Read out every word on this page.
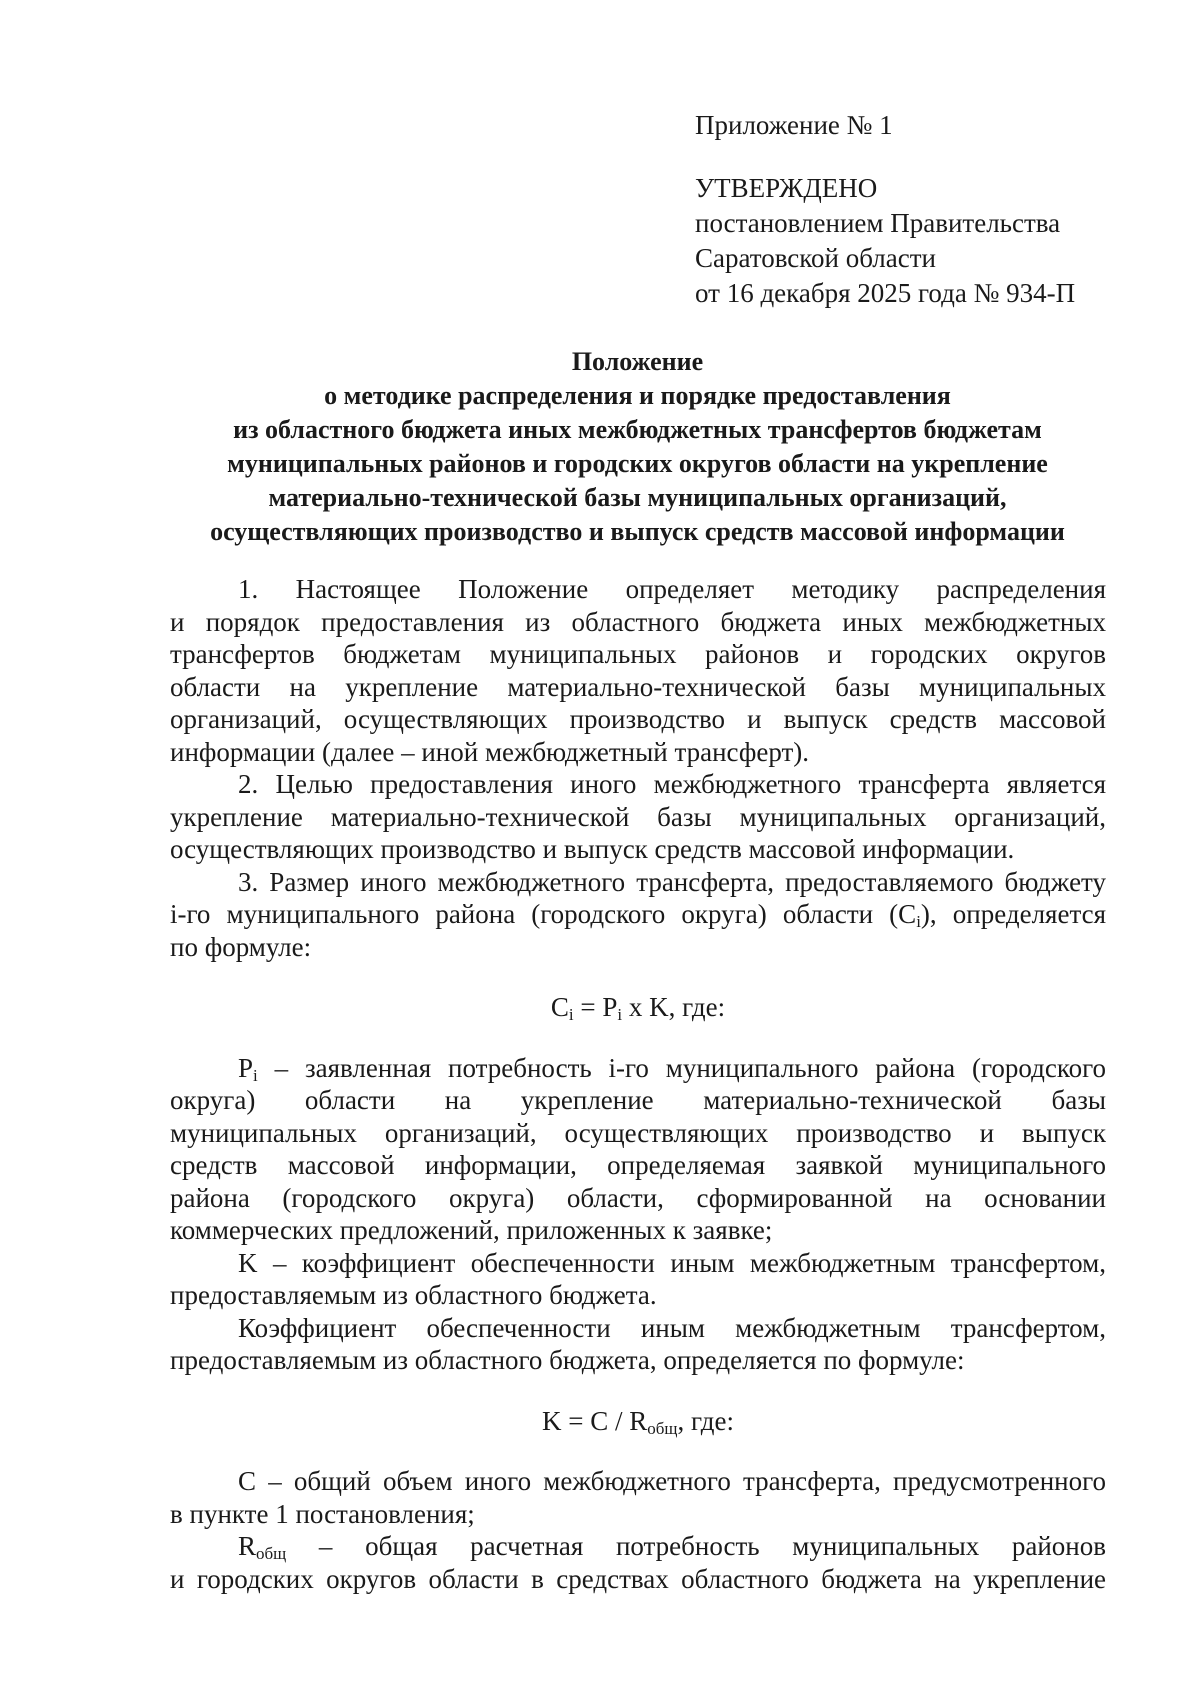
Приложение № 1
УТВЕРЖДЕНО
постановлением Правительства
Саратовской области
от 16 декабря 2025 года № 934-П
Положение
о методике распределения и порядке предоставления
из областного бюджета иных межбюджетных трансфертов бюджетам
муниципальных районов и городских округов области на укрепление
материально-технической базы муниципальных организаций,
осуществляющих производство и выпуск средств массовой информации
1. Настоящее Положение определяет методику распределения
и порядок предоставления из областного бюджета иных межбюджетных
трансфертов бюджетам муниципальных районов и городских округов
области на укрепление материально-технической базы муниципальных
организаций, осуществляющих производство и выпуск средств массовой
информации (далее – иной межбюджетный трансферт).
2. Целью предоставления иного межбюджетного трансферта является
укрепление материально-технической базы муниципальных организаций,
осуществляющих производство и выпуск средств массовой информации.
3. Размер иного межбюджетного трансферта, предоставляемого бюджету
i-го муниципального района (городского округа) области $(C_i)$, определяется
по формуле:
$C_i = P_i$ x K, где:
$P_i$ – заявленная потребность i-го муниципального района (городского
округа) области на укрепление материально-технической базы
муниципальных организаций, осуществляющих производство и выпуск
средств массовой информации, определяемая заявкой муниципального
района (городского округа) области, сформированной на основании
коммерческих предложений, приложенных к заявке;
K – коэффициент обеспеченности иным межбюджетным трансфертом,
предоставляемым из областного бюджета.
Коэффициент обеспеченности иным межбюджетным трансфертом,
предоставляемым из областного бюджета, определяется по формуле:
$K = C / R_{общ}$, где:
C – общий объем иного межбюджетного трансферта, предусмотренного
в пункте 1 постановления;
$R_{общ}$ – общая расчетная потребность муниципальных районов
и городских округов области в средствах областного бюджета на укрепление
